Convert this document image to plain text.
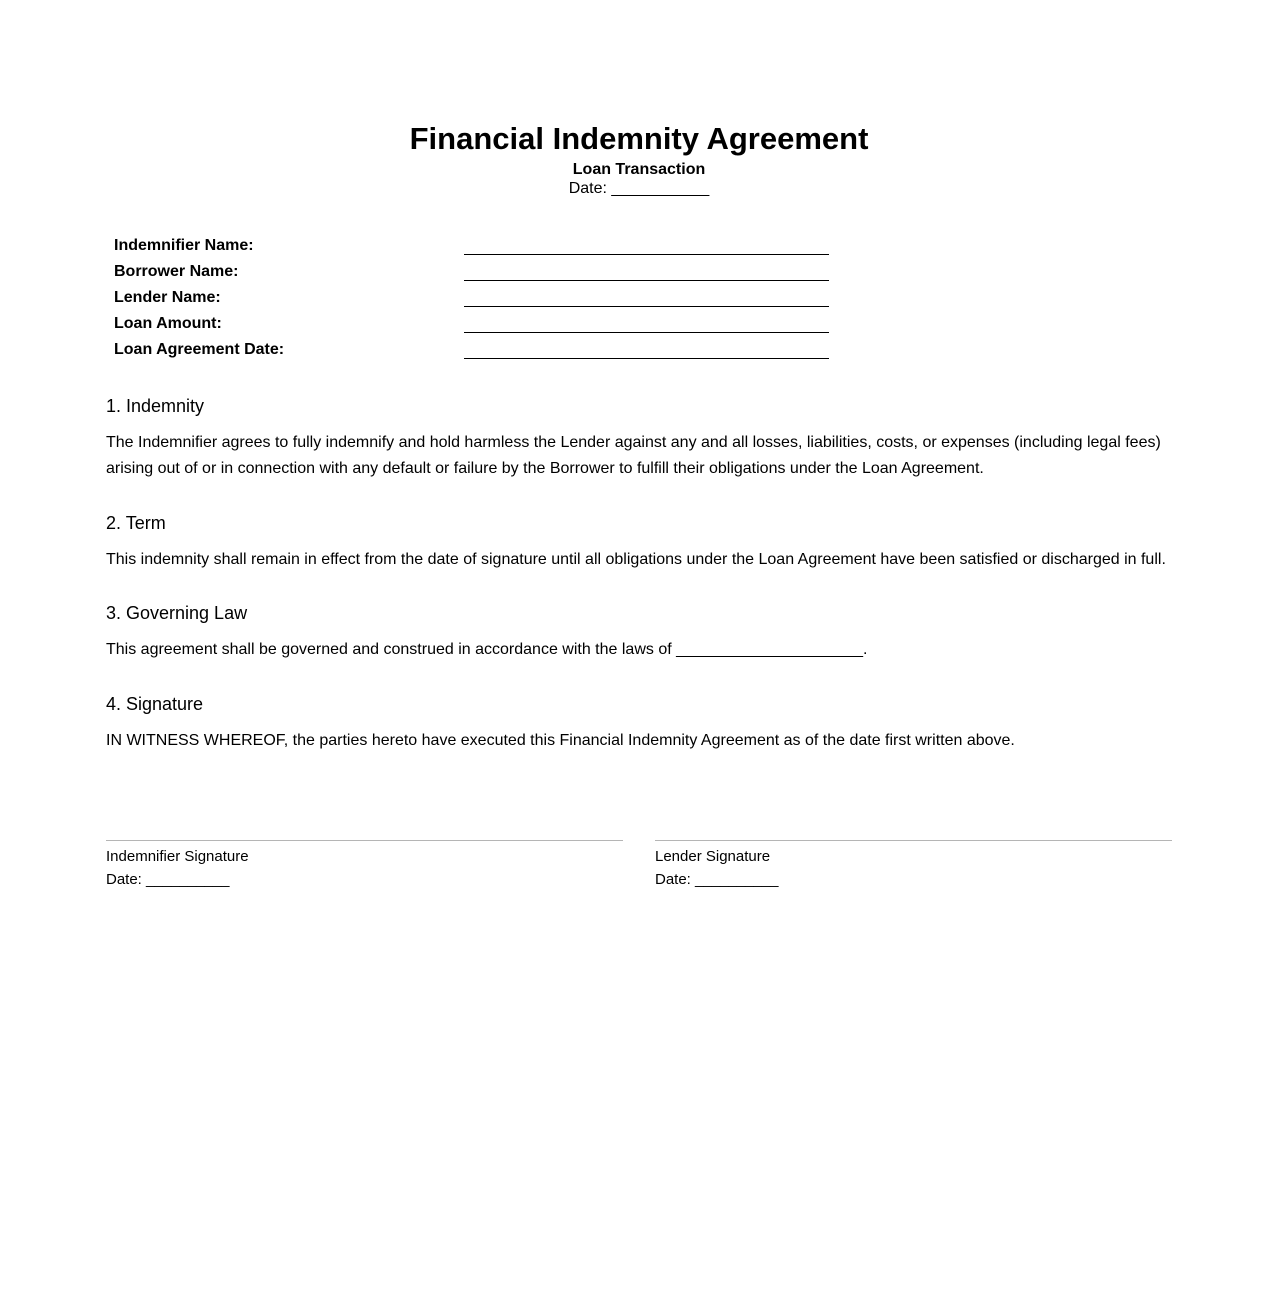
Financial Indemnity Agreement
Loan Transaction
Date: ___________
Indemnifier Name:
Borrower Name:
Lender Name:
Loan Amount:
Loan Agreement Date:
1. Indemnity

The Indemnifier agrees to fully indemnify and hold harmless the Lender against any and all losses, liabilities, costs, or expenses (including legal fees) arising out of or in connection with any default or failure by the Borrower to fulfill their obligations under the Loan Agreement.

2. Term

This indemnity shall remain in effect from the date of signature until all obligations under the Loan Agreement have been satisfied or discharged in full.

3. Governing Law

This agreement shall be governed and construed in accordance with the laws of _____________________.

4. Signature

IN WITNESS WHEREOF, the parties hereto have executed this Financial Indemnity Agreement as of the date first written above.

Indemnifier Signature
Date: __________
Lender Signature
Date: __________
